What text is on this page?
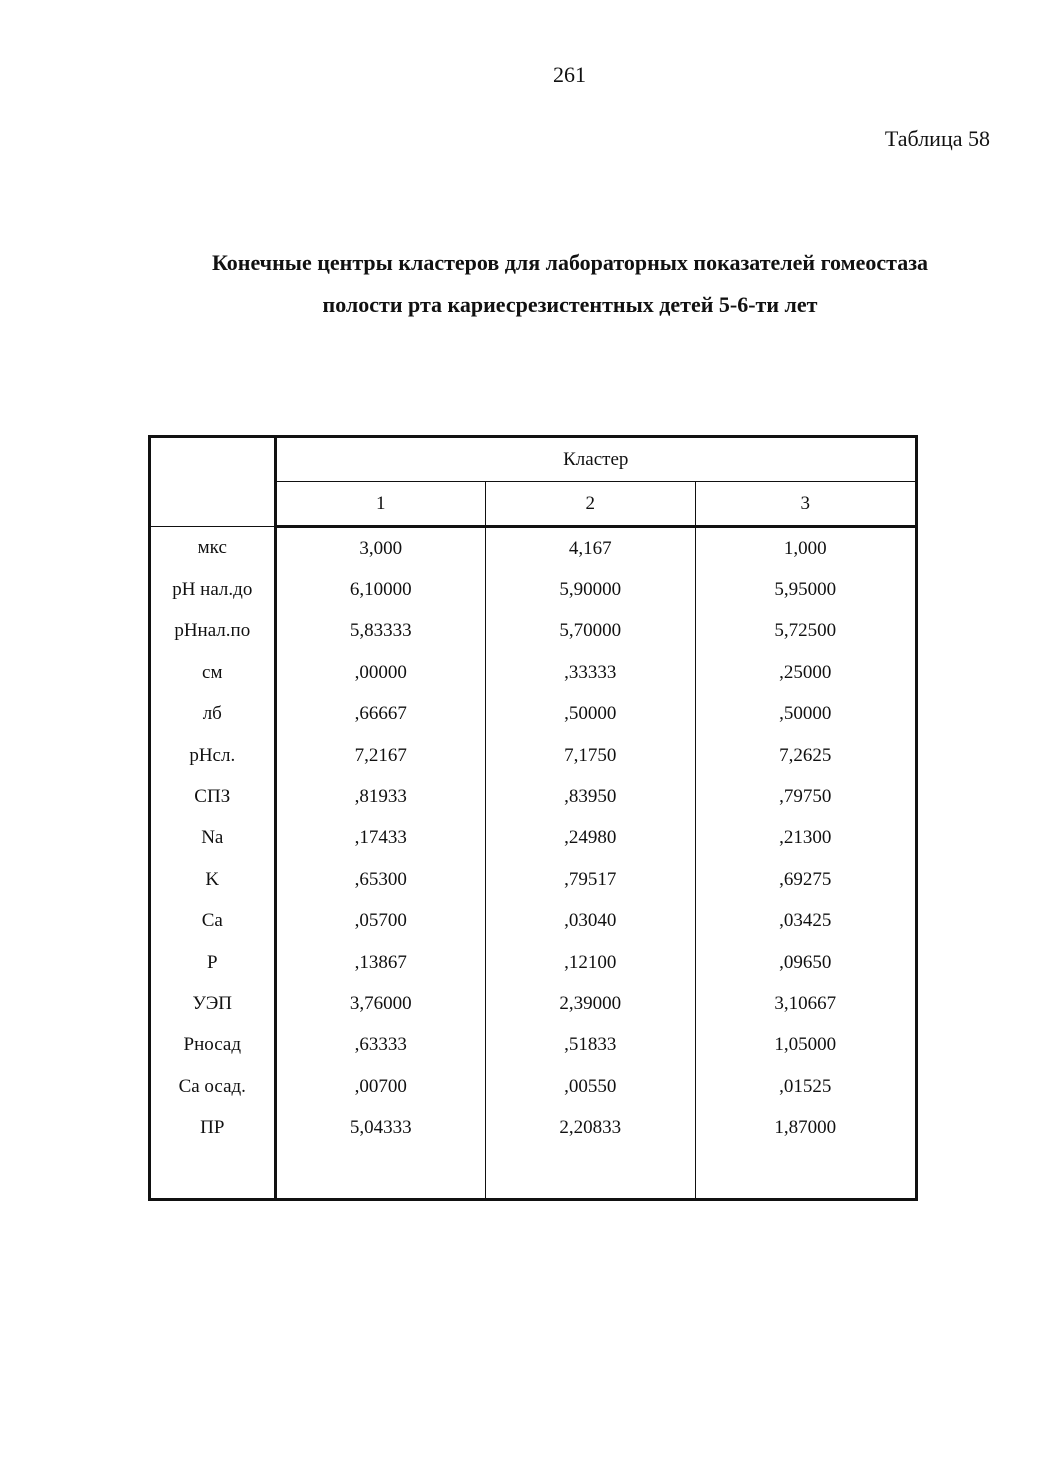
261
Таблица 58
Конечные центры кластеров для лабораторных показателей гомеостаза
полости рта кариесрезистентных детей 5-6-ти лет
	Кластер		
	1	2	3
мкс	3,000	4,167	1,000
pH нал.до	6,10000	5,90000	5,95000
pHнал.по	5,83333	5,70000	5,72500
см	,00000	,33333	,25000
лб	,66667	,50000	,50000
pHсл.	7,2167	7,1750	7,2625
СПЗ	,81933	,83950	,79750
Na	,17433	,24980	,21300
K	,65300	,79517	,69275
Ca	,05700	,03040	,03425
P	,13867	,12100	,09650
УЭП	3,76000	2,39000	3,10667
Pносад	,63333	,51833	1,05000
Ca осад.	,00700	,00550	,01525
ПР	5,04333	2,20833	1,87000
